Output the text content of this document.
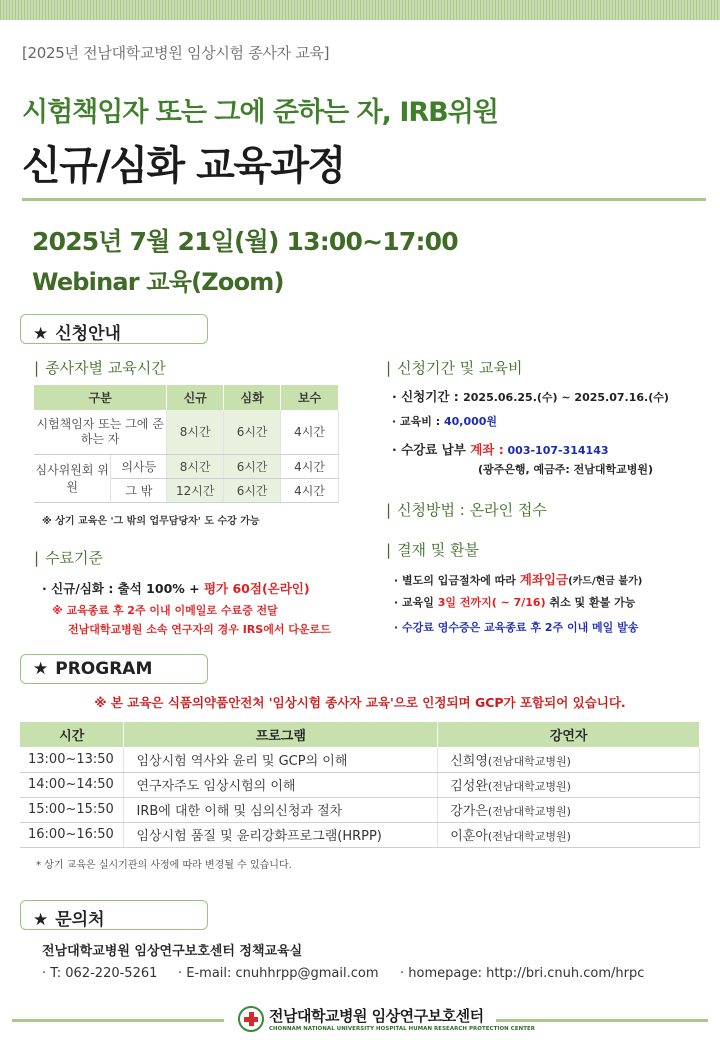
[2025년 전남대학교병원 임상시험 종사자 교육]
시험책임자 또는 그에 준하는 자, IRB위원
신규/심화 교육과정
2025년 7월 21일(월) 13:00~17:00
Webinar 교육(Zoom)
★ 신청안내
| 종사자별 교육시간
구분		신규	심화	보수
시험책임자 또는 그에 준하는 자		8시간	6시간	4시간
심사위원회 위원	의사등	8시간	6시간	4시간
	그 밖	12시간	6시간	4시간
※ 상기 교육은 '그 밖의 업무담당자' 도 수강 가능
| 수료기준
· 신규/심화 : 출석 100% + 평가 60점(온라인)
※ 교육종료 후 2주 이내 이메일로 수료증 전달
전남대학교병원 소속 연구자의 경우 IRS에서 다운로드
| 신청기간 및 교육비
· 신청기간 : 2025.06.25.(수) ~ 2025.07.16.(수)
· 교육비 : 40,000원
· 수강료 납부 계좌 : 003-107-314143
(광주은행, 예금주: 전남대학교병원)
| 신청방법 : 온라인 접수
| 결재 및 환불
· 별도의 입금절차에 따라 계좌입금(카드/현금 불가)
· 교육일 3일 전까지( ~ 7/16) 취소 및 환불 가능
· 수강료 영수증은 교육종료 후 2주 이내 메일 발송
★ PROGRAM
※ 본 교육은 식품의약품안전처 '임상시험 종사자 교육'으로 인정되며 GCP가 포함되어 있습니다.
시간	프로그램	강연자
13:00~13:50	임상시험 역사와 윤리 및 GCP의 이해	신희영(전남대학교병원)
14:00~14:50	연구자주도 임상시험의 이해	김성완(전남대학교병원)
15:00~15:50	IRB에 대한 이해 및 심의신청과 절차	강가은(전남대학교병원)
16:00~16:50	임상시험 품질 및 윤리강화프로그램(HRPP)	이훈아(전남대학교병원)
* 상기 교육은 실시기관의 사정에 따라 변경될 수 있습니다.
★ 문의처
전남대학교병원 임상연구보호센터 정책교육실
· T: 062-220-5261 · E-mail: cnuhhrpp@gmail.com · homepage: http://bri.cnuh.com/hrpc
전남대학교병원 임상연구보호센터
CHONNAM NATIONAL UNIVERSITY HOSPITAL HUMAN RESEARCH PROTECTION CENTER
